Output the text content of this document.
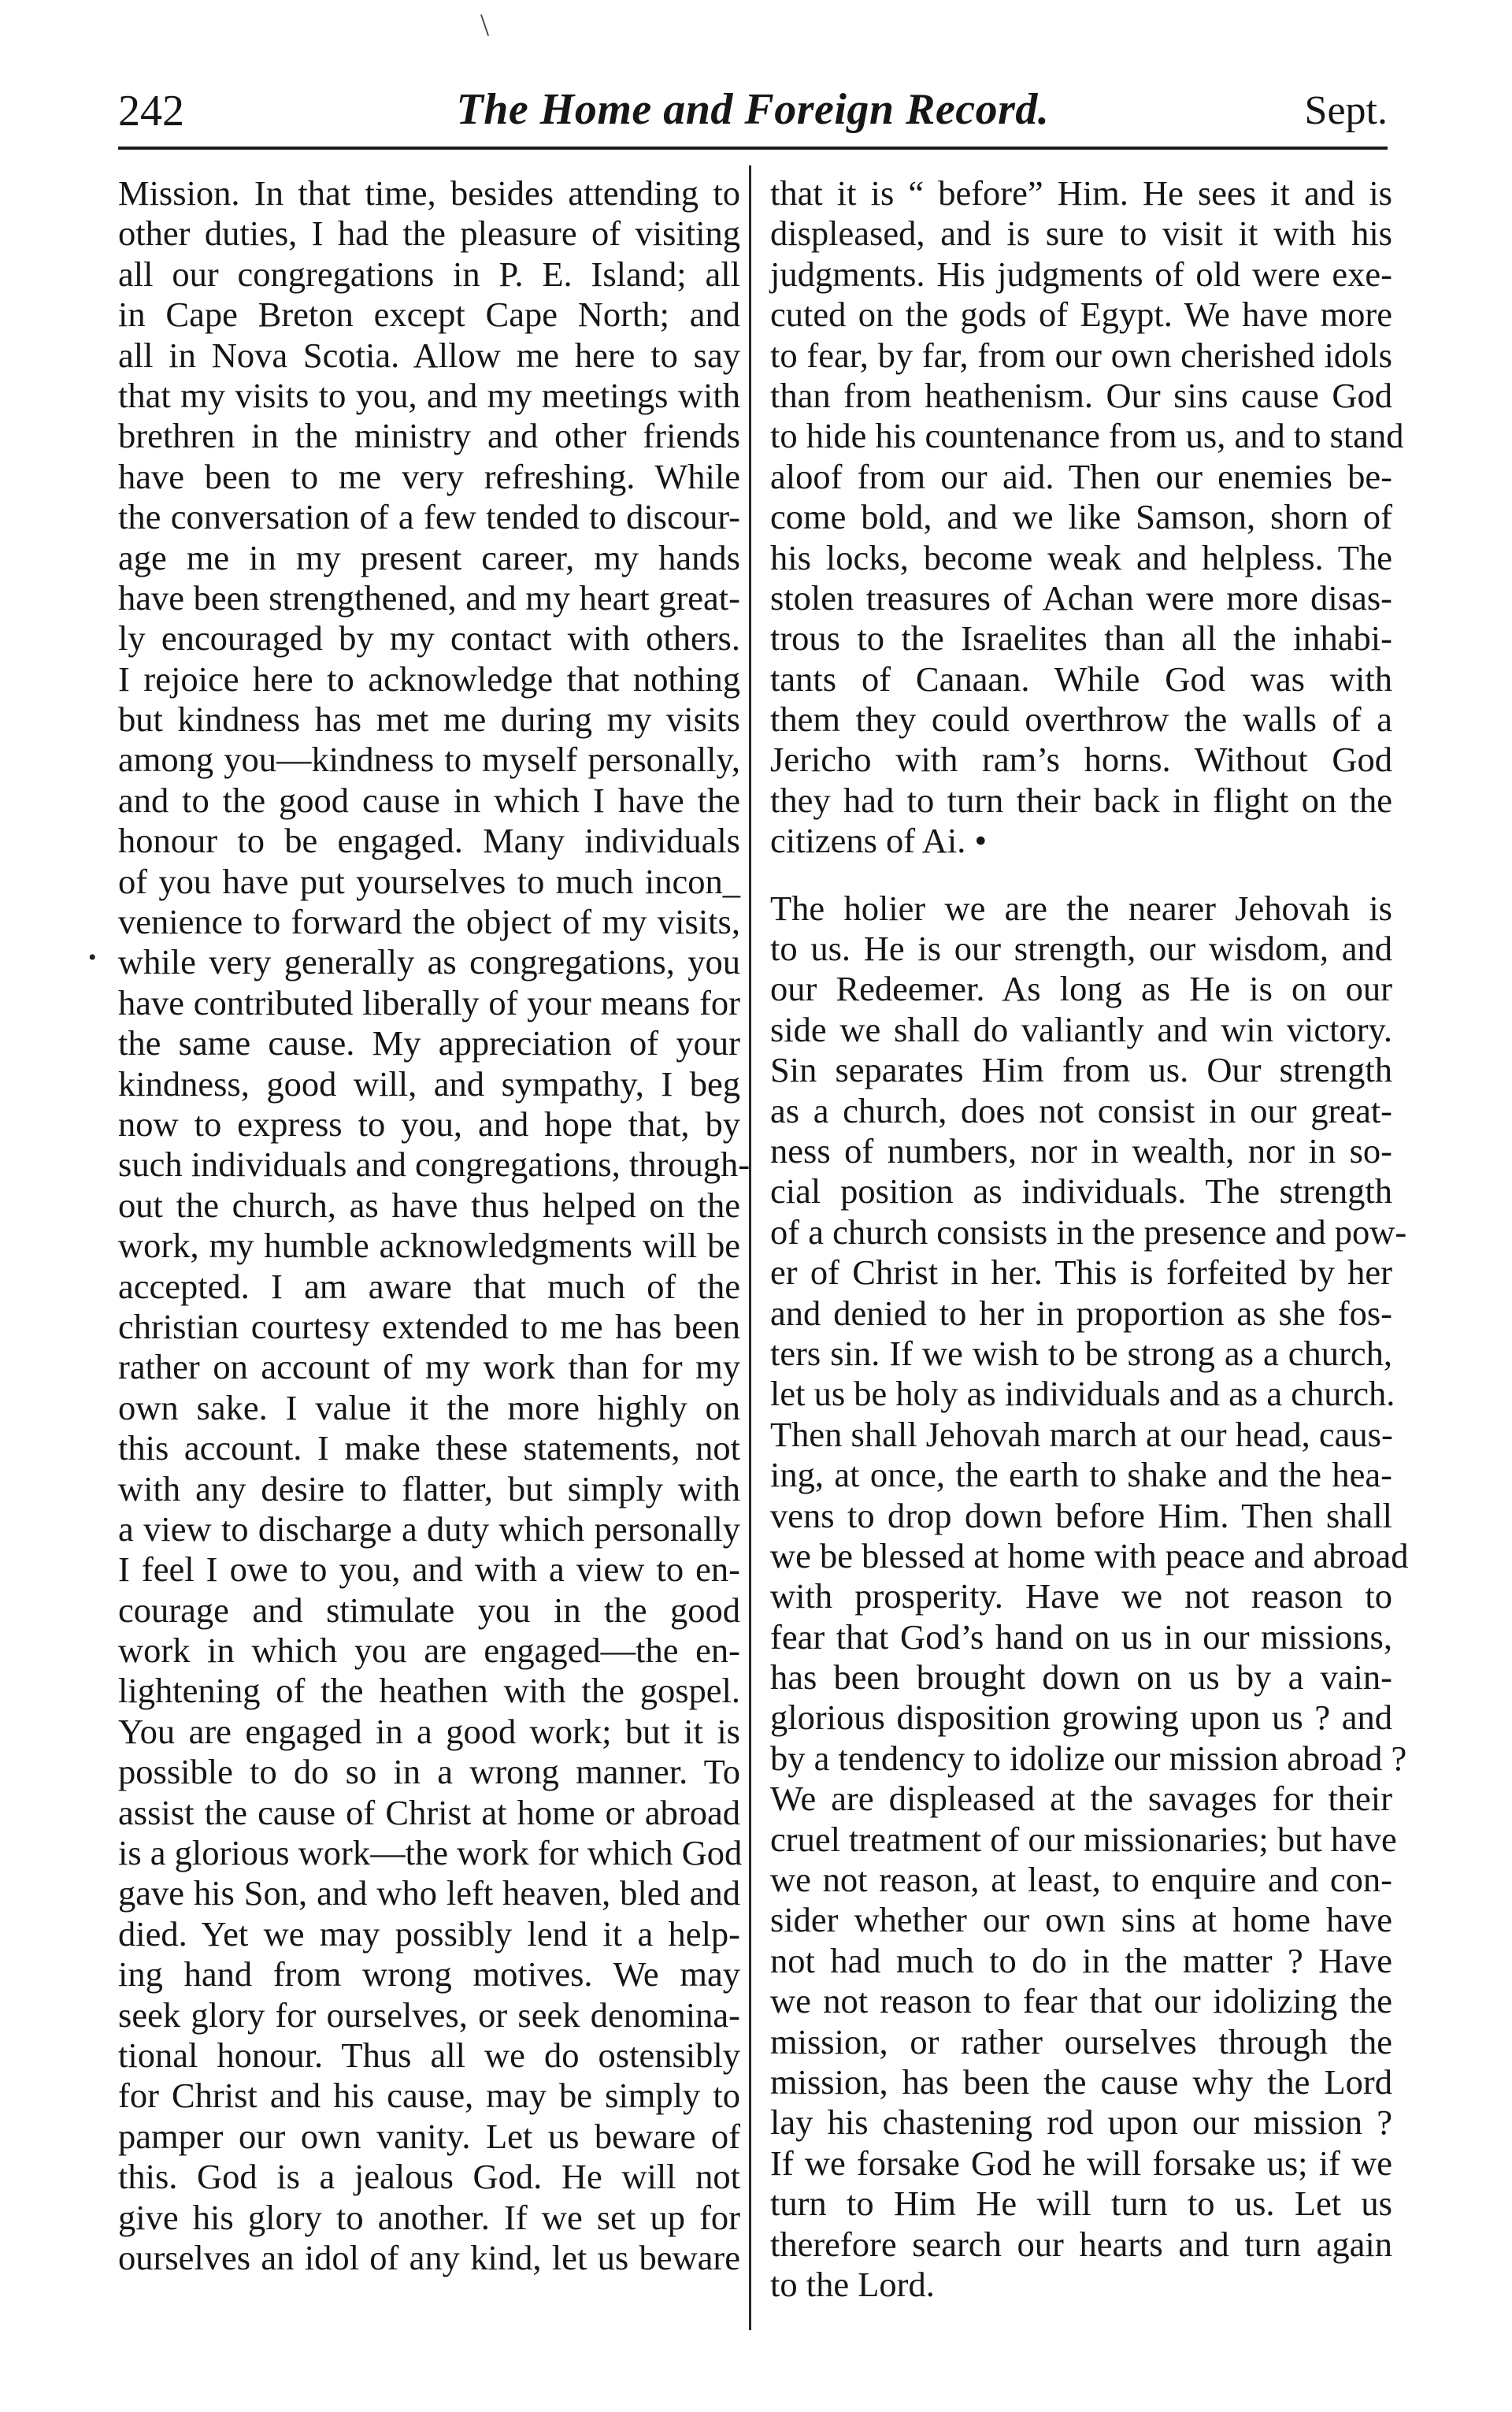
\
242	The Home and Foreign Record.	Sept.
•
Mission. In that time, besides attending to
other duties, I had the pleasure of visiting
all our congregations in P. E. Island; all
in Cape Breton except Cape North; and
all in Nova Scotia. Allow me here to say
that my visits to you, and my meetings with
brethren in the ministry and other friends
have been to me very refreshing. While
the conversation of a few tended to discour-
age me in my present career, my hands
have been strengthened, and my heart great-
ly encouraged by my contact with others.
I rejoice here to acknowledge that nothing
but kindness has met me during my visits
among you—kindness to myself personally,
and to the good cause in which I have the
honour to be engaged. Many individuals
of you have put yourselves to much incon_
venience to forward the object of my visits,
while very generally as congregations, you
have contributed liberally of your means for
the same cause. My appreciation of your
kindness, good will, and sympathy, I beg
now to express to you, and hope that, by
such individuals and congregations, through-
out the church, as have thus helped on the
work, my humble acknowledgments will be
accepted. I am aware that much of the
christian courtesy extended to me has been
rather on account of my work than for my
own sake. I value it the more highly on
this account. I make these statements, not
with any desire to flatter, but simply with
a view to discharge a duty which personally
I feel I owe to you, and with a view to en-
courage and stimulate you in the good
work in which you are engaged—the en-
lightening of the heathen with the gospel.
You are engaged in a good work; but it is
possible to do so in a wrong manner. To
assist the cause of Christ at home or abroad
is a glorious work—the work for which God
gave his Son, and who left heaven, bled and
died. Yet we may possibly lend it a help-
ing hand from wrong motives. We may
seek glory for ourselves, or seek denomina-
tional honour. Thus all we do ostensibly
for Christ and his cause, may be simply to
pamper our own vanity. Let us beware of
this. God is a jealous God. He will not
give his glory to another. If we set up for
ourselves an idol of any kind, let us beware
that it is “ before” Him. He sees it and is
displeased, and is sure to visit it with his
judgments. His judgments of old were exe-
cuted on the gods of Egypt. We have more
to fear, by far, from our own cherished idols
than from heathenism. Our sins cause God
to hide his countenance from us, and to stand
aloof from our aid. Then our enemies be-
come bold, and we like Samson, shorn of
his locks, become weak and helpless. The
stolen treasures of Achan were more disas-
trous to the Israelites than all the inhabi-
tants of Canaan. While God was with
them they could overthrow the walls of a
Jericho with ram’s horns. Without God
they had to turn their back in flight on the
citizens of Ai. •
The holier we are the nearer Jehovah is
to us. He is our strength, our wisdom, and
our Redeemer. As long as He is on our
side we shall do valiantly and win victory.
Sin separates Him from us. Our strength
as a church, does not consist in our great-
ness of numbers, nor in wealth, nor in so-
cial position as individuals. The strength
of a church consists in the presence and pow-
er of Christ in her. This is forfeited by her
and denied to her in proportion as she fos-
ters sin. If we wish to be strong as a church,
let us be holy as individuals and as a church.
Then shall Jehovah march at our head, caus-
ing, at once, the earth to shake and the hea-
vens to drop down before Him. Then shall
we be blessed at home with peace and abroad
with prosperity. Have we not reason to
fear that God’s hand on us in our missions,
has been brought down on us by a vain-
glorious disposition growing upon us ? and
by a tendency to idolize our mission abroad ?
We are displeased at the savages for their
cruel treatment of our missionaries; but have
we not reason, at least, to enquire and con-
sider whether our own sins at home have
not had much to do in the matter ? Have
we not reason to fear that our idolizing the
mission, or rather ourselves through the
mission, has been the cause why the Lord
lay his chastening rod upon our mission ?
If we forsake God he will forsake us; if we
turn to Him He will turn to us. Let us
therefore search our hearts and turn again
to the Lord.
